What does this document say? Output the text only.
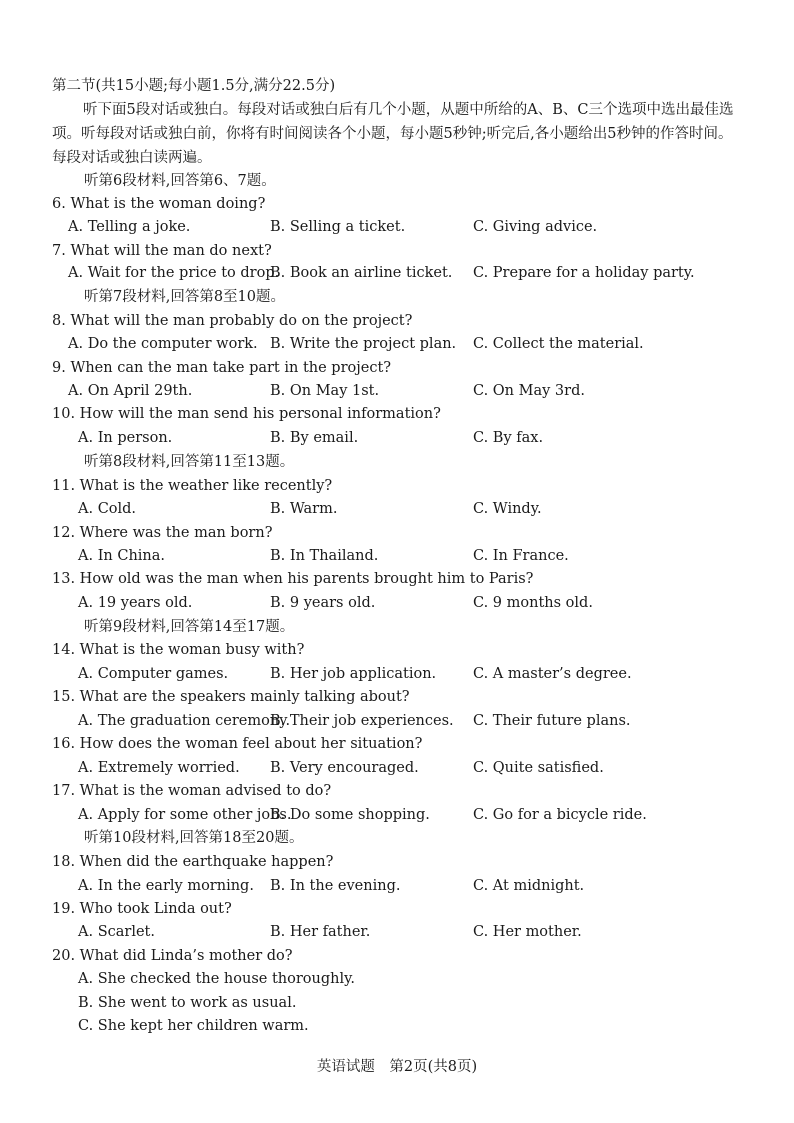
第二节(共15小题;每小题1.5分,满分22.5分)
听下面5段对话或独白。每段对话或独白后有几个小题，从题中所给的A、B、C三个选项中选出最佳选项。听每段对话或独白前，你将有时间阅读各个小题，每小题5秒钟;听完后,各小题给出5秒钟的作答时间。每段对话或独白读两遍。
听第6段材料,回答第6、7题。
6. What is the woman doing?
A. Telling a joke.	B. Selling a ticket.	C. Giving advice.
7. What will the man do next?
A. Wait for the price to drop.
B. Book an airline ticket. C. Prepare for a holiday party.
听第7段材料,回答第8至10题。
8. What will the man probably do on the project?
A. Do the computer work. B. Write the project plan. C. Collect the material.
9. When can the man take part in the project?
A. On April 29th.	B. On May 1st.	C. On May 3rd.
10. How will the man send his personal information?
A. In person.	B. By email.	C. By fax.
听第8段材料,回答第11至13题。
11. What is the weather like recently?
A. Cold.	B. Warm.	C. Windy.
12. Where was the man born?
A. In China.	B. In Thailand.	C. In France.
13. How old was the man when his parents brought him to Paris?
A. 19 years old.	B. 9 years old.	C. 9 months old.
听第9段材料,回答第14至17题。
14. What is the woman busy with?
A. Computer games.	B. Her job application.	C. A master’s degree.
15. What are the speakers mainly talking about?
A. The graduation ceremony.
B. Their job experiences. C. Their future plans.
16. How does the woman feel about her situation?
A. Extremely worried. B. Very encouraged.	C. Quite satisfied.
17. What is the woman advised to do?
A. Apply for some other jobs.
B. Do some shopping.	C. Go for a bicycle ride.
听第10段材料,回答第18至20题。
18. When did the earthquake happen?
A. In the early morning. B. In the evening.	C. At midnight.
19. Who took Linda out?
A. Scarlet.	B. Her father.	C. Her mother.
20. What did Linda’s mother do?
A. She checked the house thoroughly.
B. She went to work as usual.
C. She kept her children warm.
英语试题　第2页(共8页)
